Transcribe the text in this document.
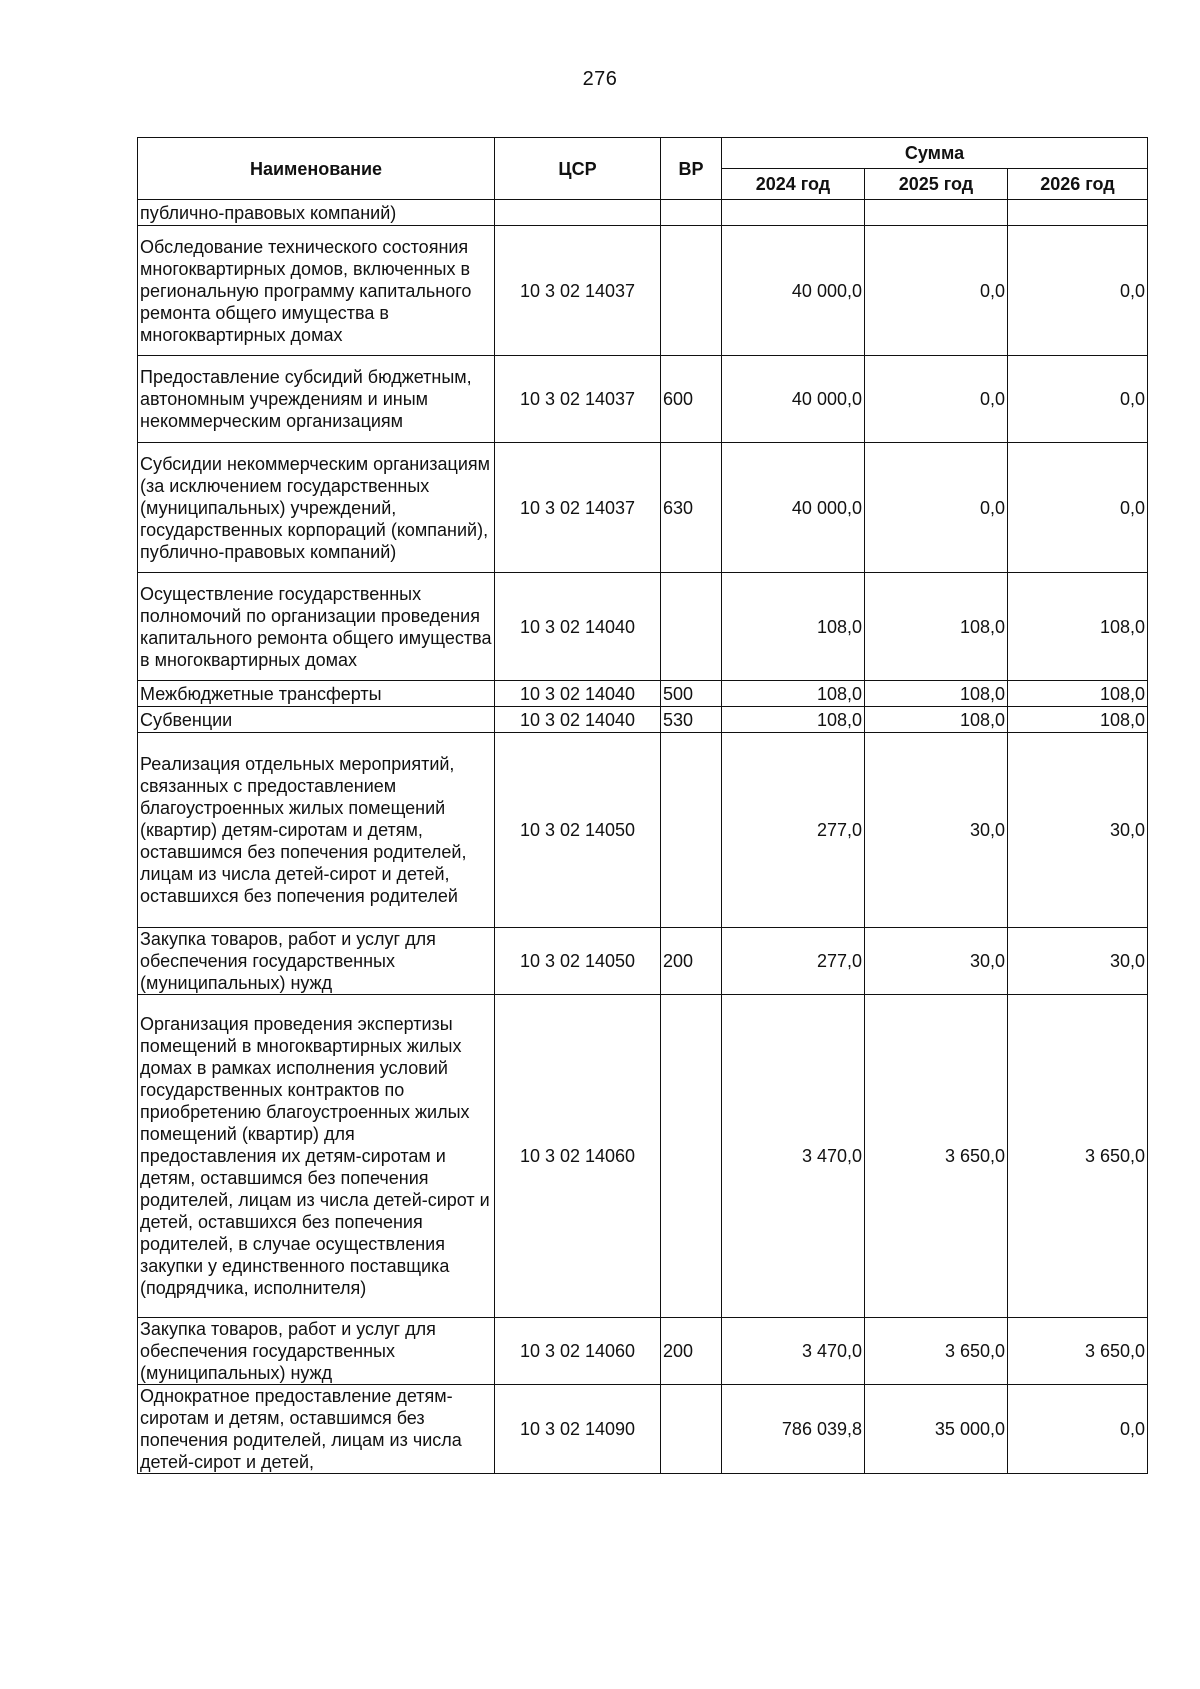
276
Наименование	ЦСР	ВР	Сумма		
			2024 год	2025 год	2026 год
публично-правовых компаний)					
Обследование технического состояния многоквартирных домов, включенных в региональную программу капитального ремонта общего имущества в многоквартирных домах	10 3 02 14037		40 000,0	0,0	0,0
Предоставление субсидий бюджетным, автономным учреждениям и иным некоммерческим организациям	10 3 02 14037	600	40 000,0	0,0	0,0
Субсидии некоммерческим организациям (за исключением государственных (муниципальных) учреждений, государственных корпораций (компаний), публично-правовых компаний)	10 3 02 14037	630	40 000,0	0,0	0,0
Осуществление государственных полномочий по организации проведения капитального ремонта общего имущества в многоквартирных домах	10 3 02 14040		108,0	108,0	108,0
Межбюджетные трансферты	10 3 02 14040	500	108,0	108,0	108,0
Субвенции	10 3 02 14040	530	108,0	108,0	108,0
Реализация отдельных мероприятий, связанных с предоставлением благоустроенных жилых помещений (квартир) детям-сиротам и детям, оставшимся без попечения родителей, лицам из числа детей-сирот и детей, оставшихся без попечения родителей	10 3 02 14050		277,0	30,0	30,0
Закупка товаров, работ и услуг для обеспечения государственных (муниципальных) нужд	10 3 02 14050	200	277,0	30,0	30,0
Организация проведения экспертизы помещений в многоквартирных жилых домах в рамках исполнения условий государственных контрактов по приобретению благоустроенных жилых помещений (квартир) для предоставления их детям-сиротам и детям, оставшимся без попечения родителей, лицам из числа детей-сирот и детей, оставшихся без попечения родителей, в случае осуществления закупки у единственного поставщика (подрядчика, исполнителя)	10 3 02 14060		3 470,0	3 650,0	3 650,0
Закупка товаров, работ и услуг для обеспечения государственных (муниципальных) нужд	10 3 02 14060	200	3 470,0	3 650,0	3 650,0
Однократное предоставление детям-сиротам и детям, оставшимся без попечения родителей, лицам из числа детей-сирот и детей,	10 3 02 14090		786 039,8	35 000,0	0,0
